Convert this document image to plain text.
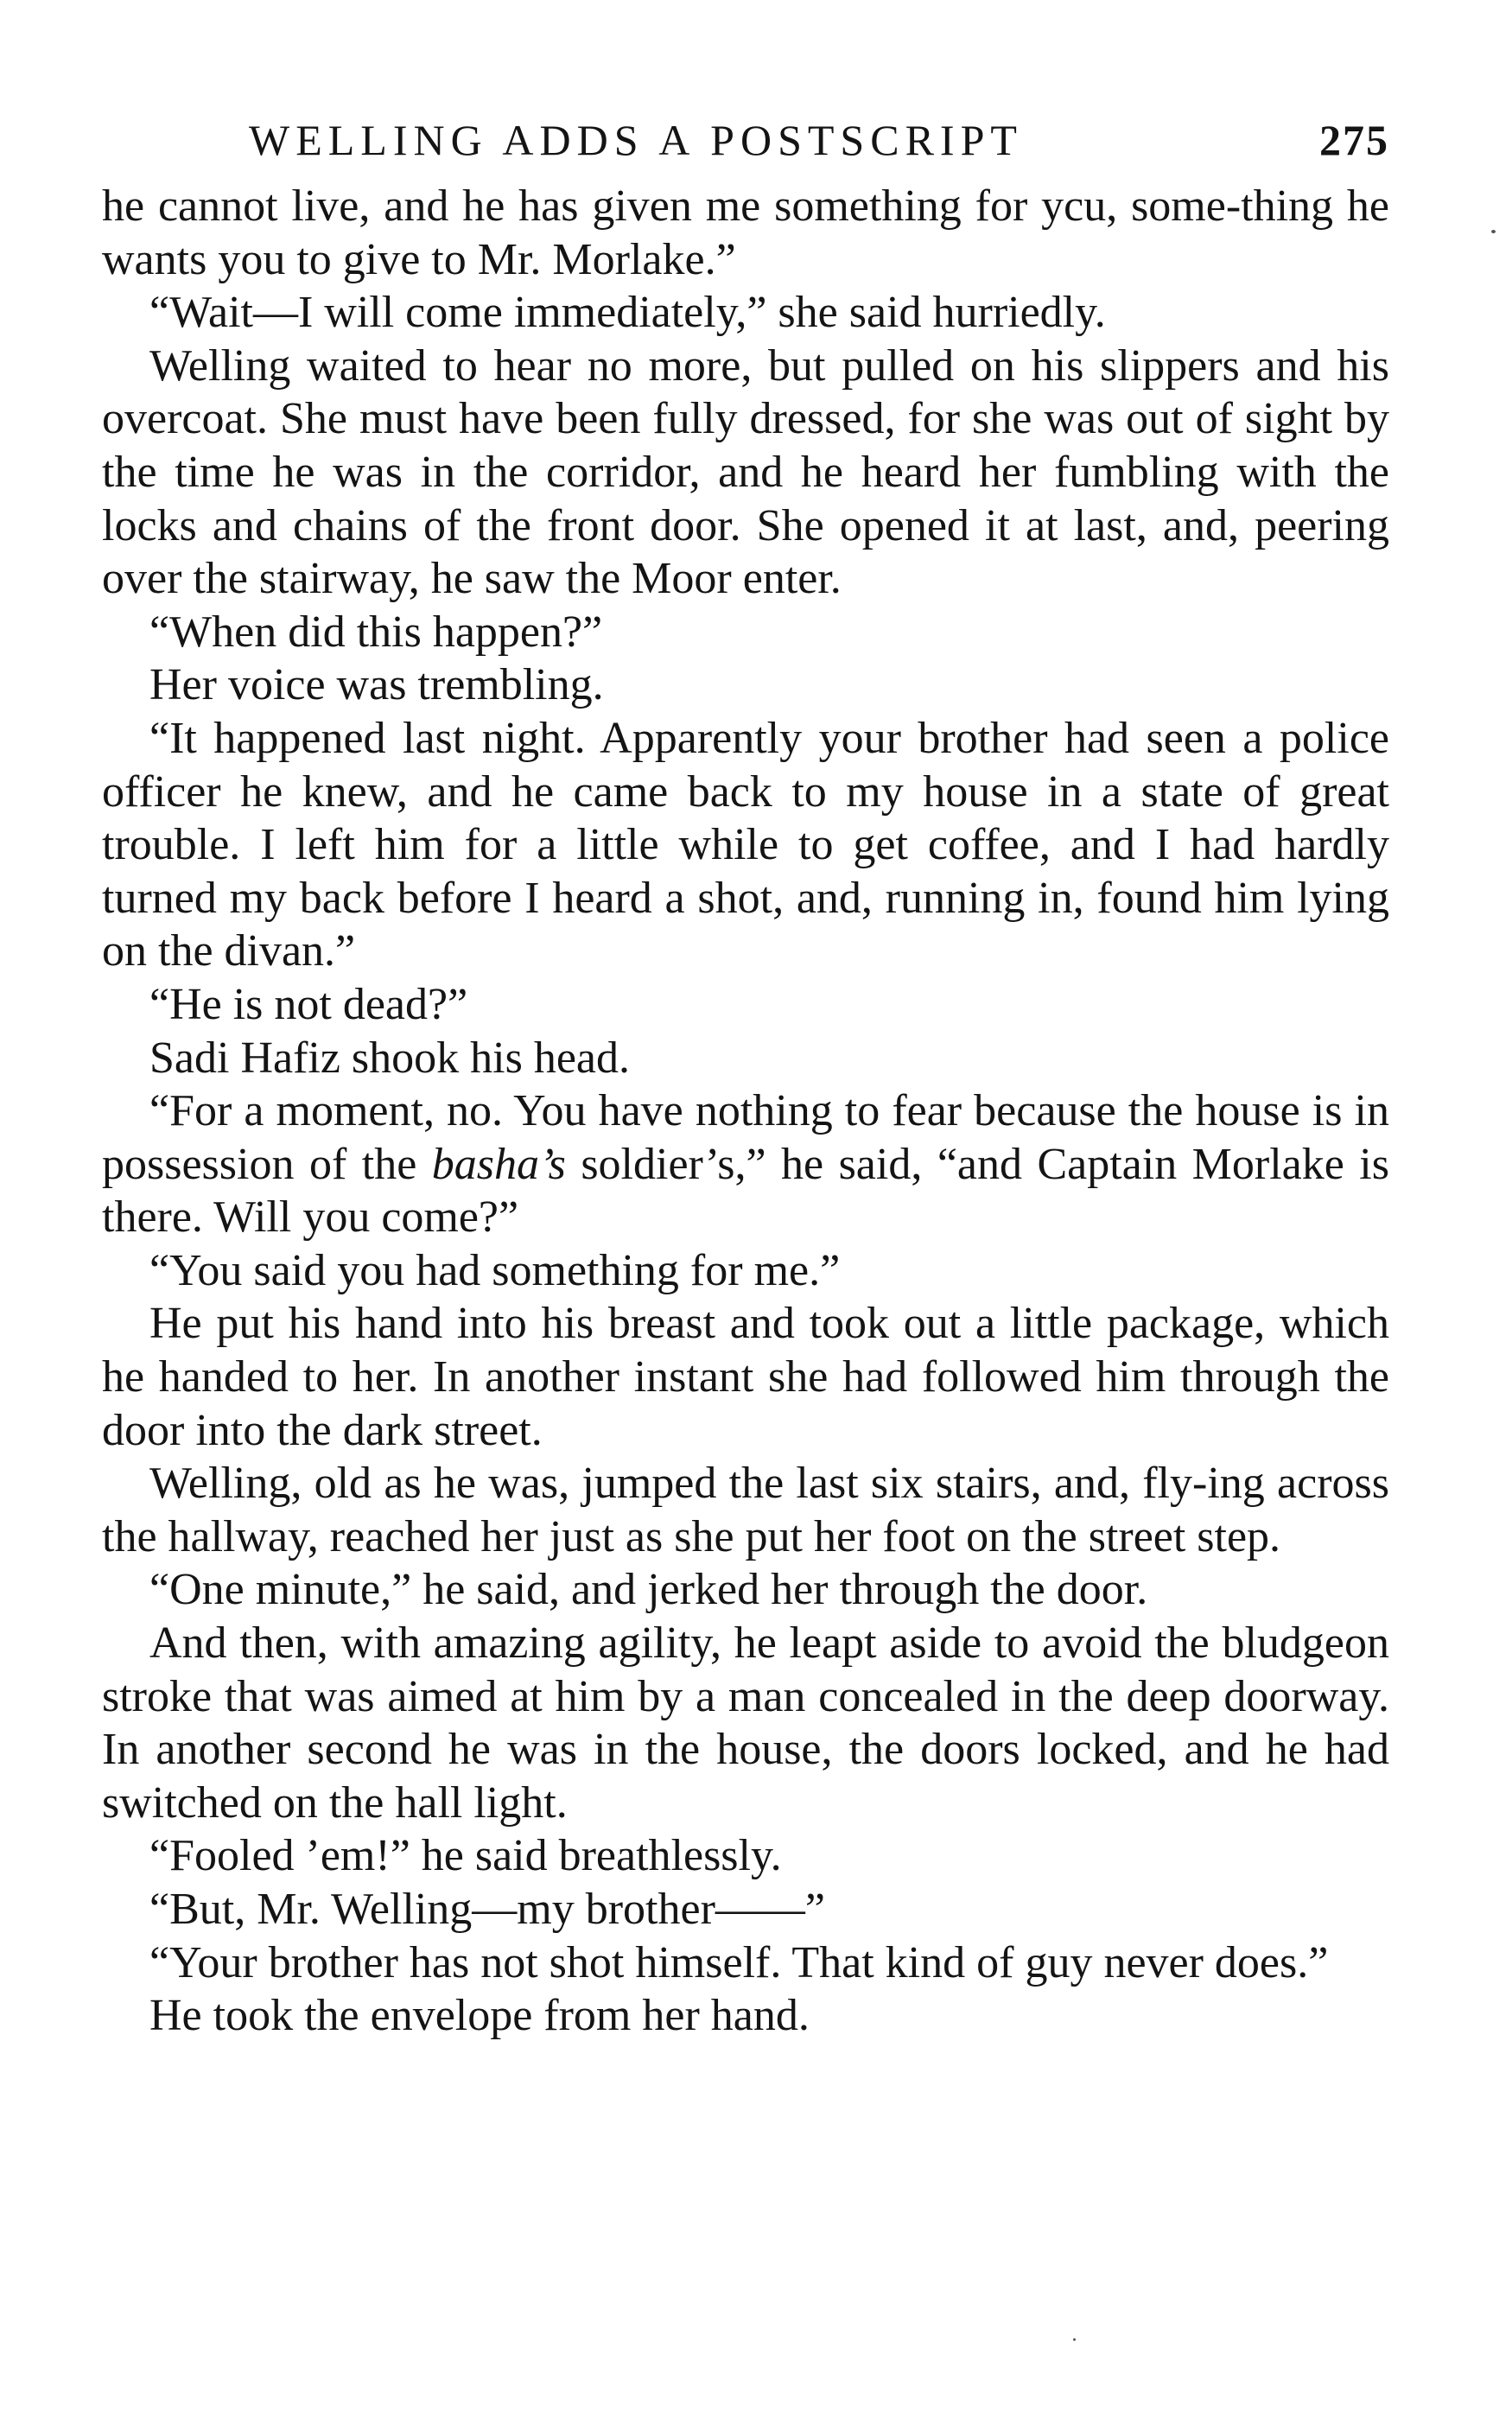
WELLING ADDS A POSTSCRIPT	275

he cannot live, and he has given me something for ycu, some-thing he wants you to give to Mr. Morlake.”

“Wait—I will come immediately,” she said hurriedly.

Welling waited to hear no more, but pulled on his slippers and his overcoat. She must have been fully dressed, for she was out of sight by the time he was in the corridor, and he heard her fumbling with the locks and chains of the front door. She opened it at last, and, peering over the stairway, he saw the Moor enter.

“When did this happen?”

Her voice was trembling.

“It happened last night. Apparently your brother had seen a police officer he knew, and he came back to my house in a state of great trouble. I left him for a little while to get coffee, and I had hardly turned my back before I heard a shot, and, running in, found him lying on the divan.”

“He is not dead?”

Sadi Hafiz shook his head.

“For a moment, no. You have nothing to fear because the house is in possession of the basha’s soldier’s,” he said, “and Captain Morlake is there. Will you come?”

“You said you had something for me.”

He put his hand into his breast and took out a little package, which he handed to her. In another instant she had followed him through the door into the dark street.

Welling, old as he was, jumped the last six stairs, and, fly-ing across the hallway, reached her just as she put her foot on the street step.

“One minute,” he said, and jerked her through the door.

And then, with amazing agility, he leapt aside to avoid the bludgeon stroke that was aimed at him by a man concealed in the deep doorway. In another second he was in the house, the doors locked, and he had switched on the hall light.

“Fooled ’em!” he said breathlessly.

“But, Mr. Welling—my brother——”

“Your brother has not shot himself. That kind of guy never does.”

He took the envelope from her hand.
